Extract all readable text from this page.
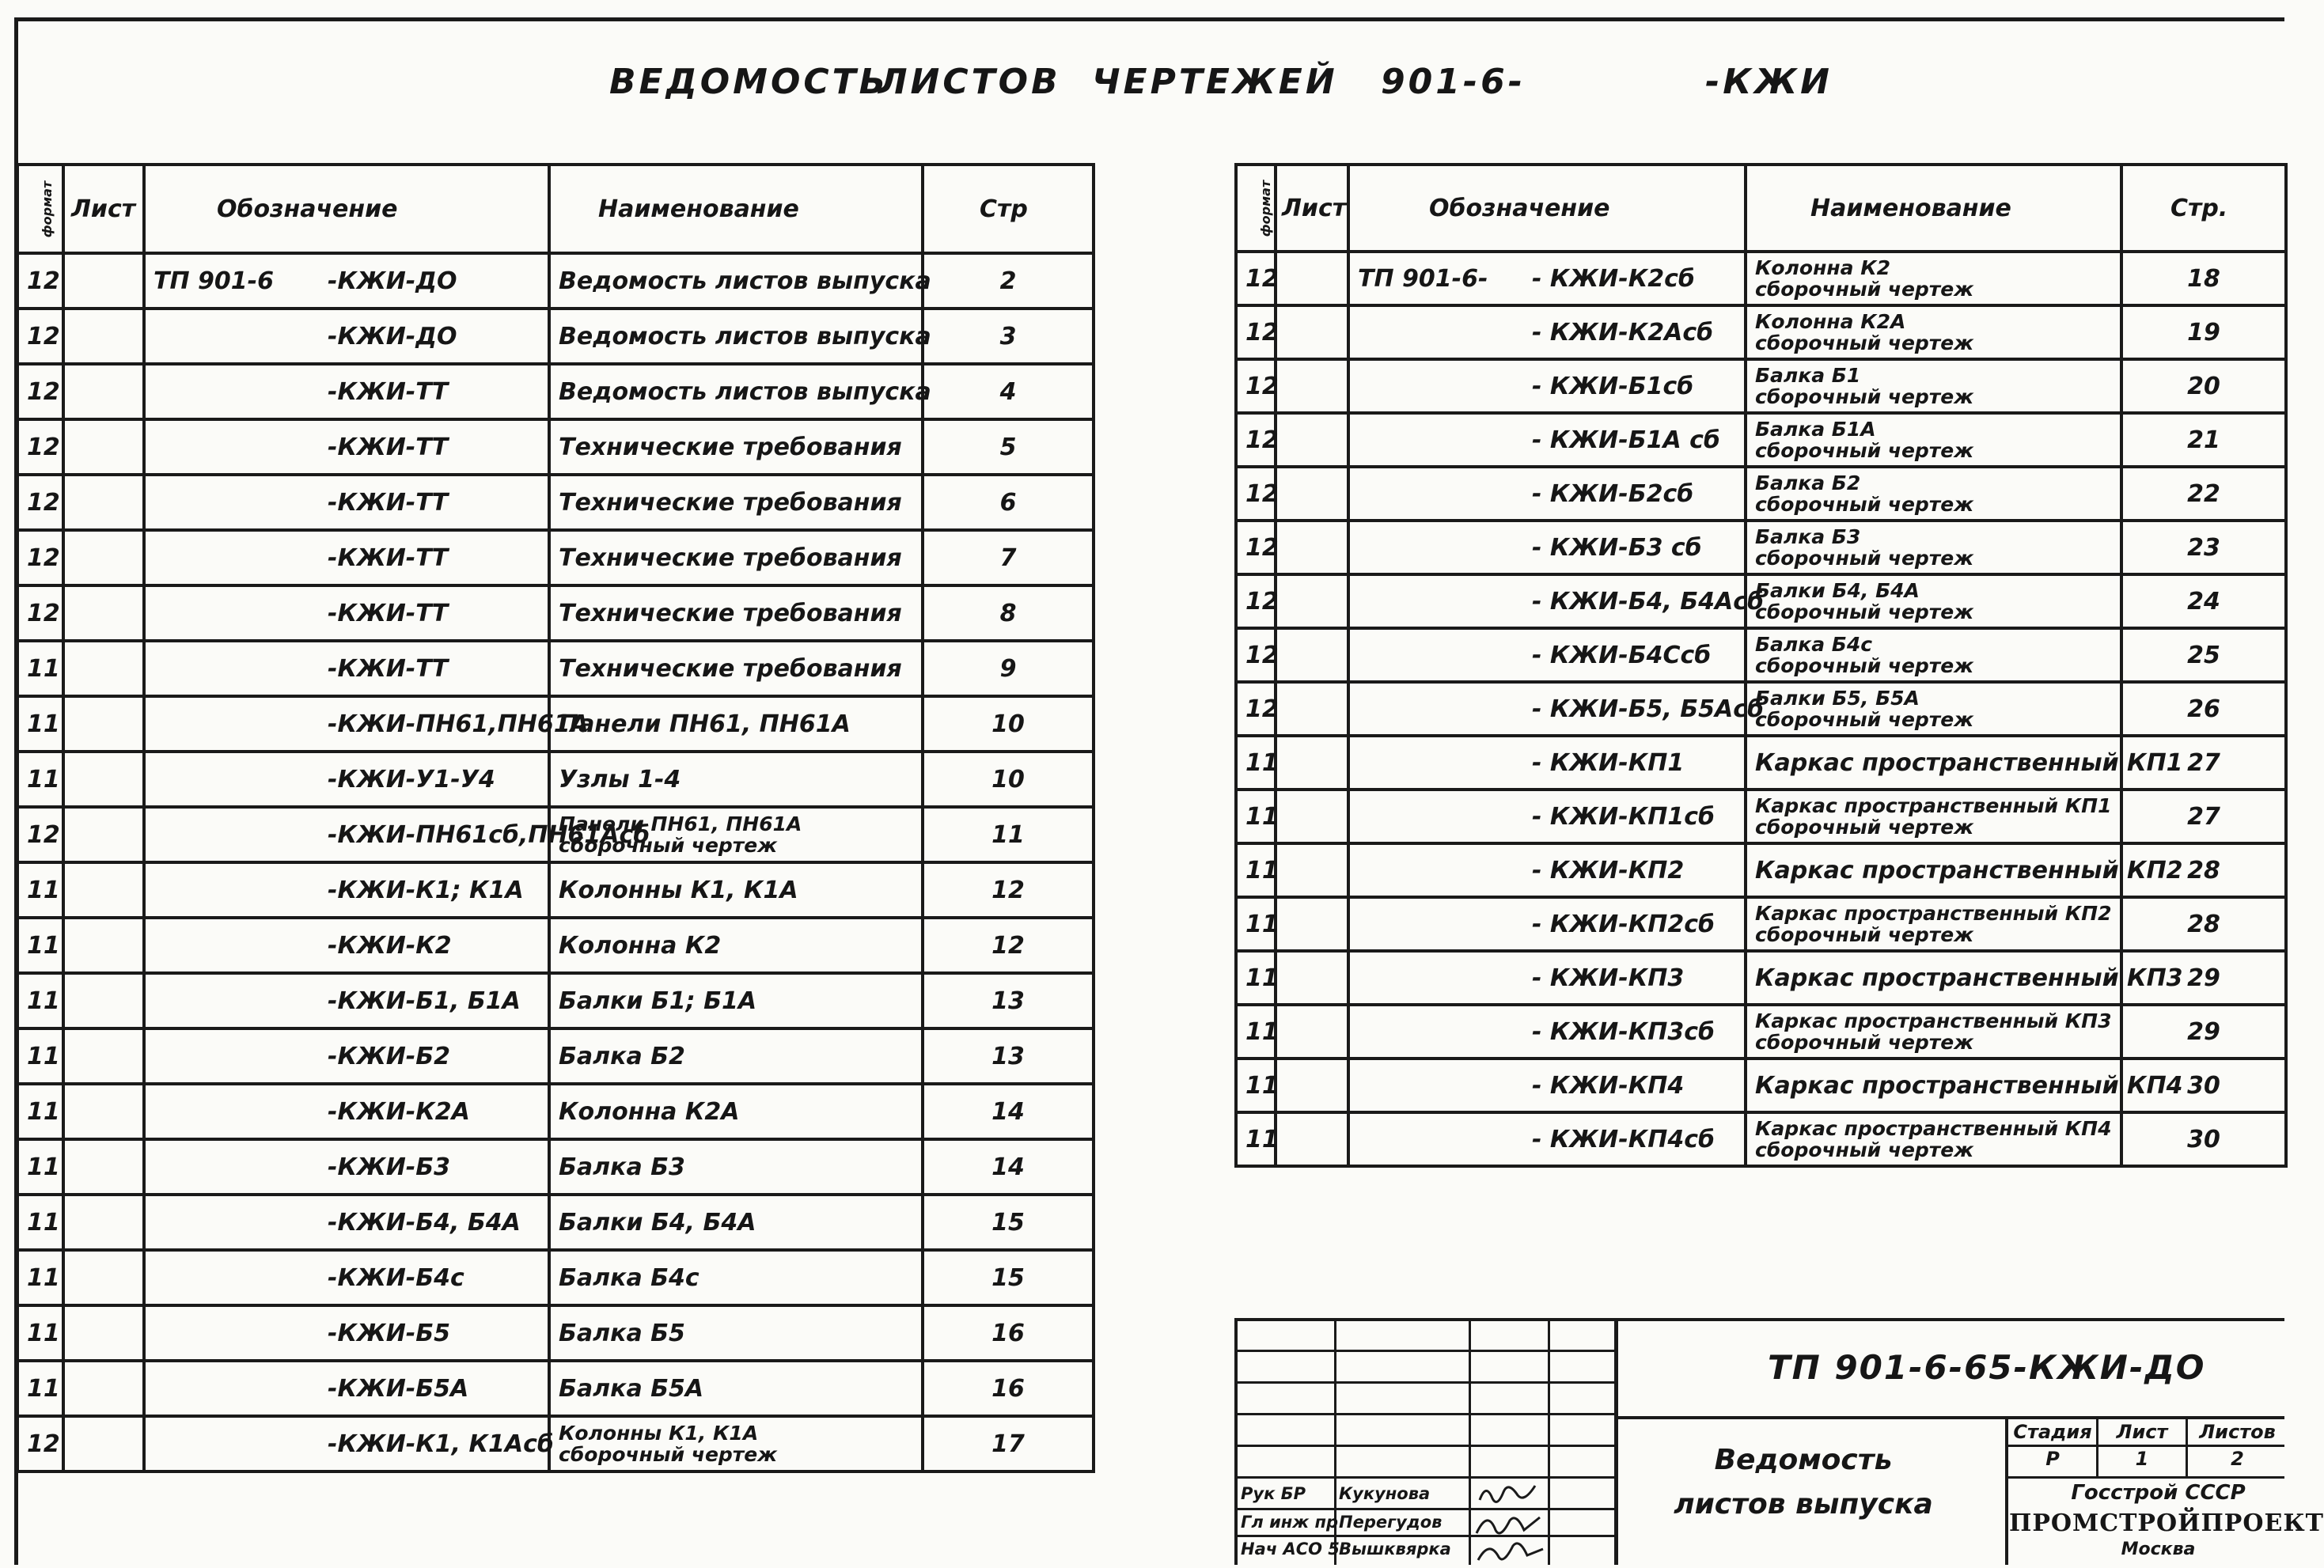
ВЕДОМОСТЬ
ЛИСТОВ ЧЕРТЕЖЕЙ 901-6-	-КЖИ
формат	Лист	Обозначение	Наименование	Стр
12		ТП 901-6 -КЖИ-ДО	Ведомость листов выпуска	2
12		-КЖИ-ДО	Ведомость листов выпуска	3
12		-КЖИ-ТТ	Ведомость листов выпуска	4
12		-КЖИ-ТТ	Технические требования	5
12		-КЖИ-ТТ	Технические требования	6
12		-КЖИ-ТТ	Технические требования	7
12		-КЖИ-ТТ	Технические требования	8
11		-КЖИ-ТТ	Технические требования	9
11		-КЖИ-ПН61,ПН61А	Панели ПН61, ПН61А	10
11		-КЖИ-У1-У4	Узлы 1-4	10
12		-КЖИ-ПН61сб,ПН61Асб	Панели ПН61, ПН61А
сборочный чертеж	11
11		-КЖИ-К1; К1А	Колонны К1, К1А	12
11		-КЖИ-К2	Колонна К2	12
11		-КЖИ-Б1, Б1А	Балки Б1; Б1А	13
11		-КЖИ-Б2	Балка Б2	13
11		-КЖИ-К2А	Колонна К2А	14
11		-КЖИ-Б3	Балка Б3	14
11		-КЖИ-Б4, Б4А	Балки Б4, Б4А	15
11		-КЖИ-Б4с	Балка Б4с	15
11		-КЖИ-Б5	Балка Б5	16
11		-КЖИ-Б5А	Балка Б5А	16
12		-КЖИ-К1, К1Асб	Колонны К1, К1А
сборочный чертеж	17
формат	Лист	Обозначение	Наименование	Стр.
12		ТП 901-6- - КЖИ-К2сб	Колонна К2
сборочный чертеж	18
12		- КЖИ-К2Асб	Колонна К2А
сборочный чертеж	19
12		- КЖИ-Б1сб	Балка Б1
сборочный чертеж	20
12		- КЖИ-Б1А сб	Балка Б1А
сборочный чертеж	21
12		- КЖИ-Б2сб	Балка Б2
сборочный чертеж	22
12		- КЖИ-Б3 сб	Балка Б3
сборочный чертеж	23
12		- КЖИ-Б4, Б4Асб	Балки Б4, Б4А
сборочный чертеж	24
12		- КЖИ-Б4Ссб	Балка Б4с
сборочный чертеж	25
12		- КЖИ-Б5, Б5Асб	Балки Б5, Б5А
сборочный чертеж	26
11		- КЖИ-КП1	Каркас пространственный КП1	27
11		- КЖИ-КП1сб	Каркас пространственный КП1
сборочный чертеж	27
11		- КЖИ-КП2	Каркас пространственный КП2	28
11		- КЖИ-КП2сб	Каркас пространственный КП2
сборочный чертеж	28
11		- КЖИ-КП3	Каркас пространственный КП3	29
11		- КЖИ-КП3сб	Каркас пространственный КП3
сборочный чертеж	29
11		- КЖИ-КП4	Каркас пространственный КП4	30
11		- КЖИ-КП4сб	Каркас пространственный КП4
сборочный чертеж	30
Рук БР Кукунова
Гл инж пр Перегудов
Нач АСО 5 Вышквярка
ТП 901-6-65-КЖИ-ДО
Ведомость
листов выпуска
Стадия	Лист	Листов
Р	1	2
Госстрой СССР
ПРОМСТРОЙПРОЕКТ
Москва
